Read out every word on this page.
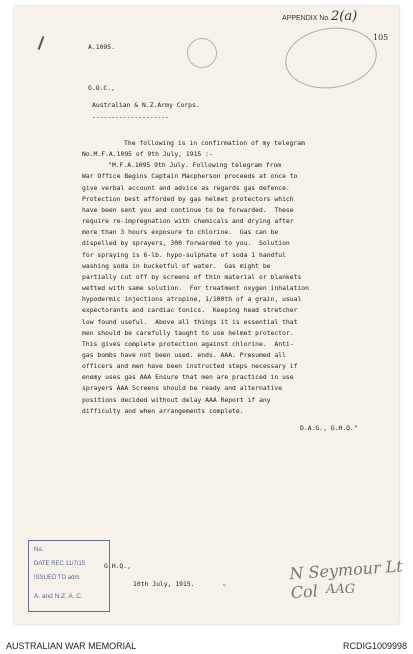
A.1095.
APPENDIX No. 2(a)
105
G.O.C.,
Australian & N.Z.Army Corps.
--------------------
The following is in confirmation of my telegram
No.M.F.A.1095 of 9th July, 1915 :-
"M.F.A.1095 9th July. Following telegram from
War Office Begins Captain Macpherson proceeds at once to
give verbal account and advice as regards gas defence.
Protection best afforded by gas helmet protectors which
have been sent you and continue to be forwarded.  These
require re-impregnation with chemicals and drying after
more than 3 hours exposure to chlorine.  Gas can be
dispelled by sprayers, 300 forwarded to you.  Solution
for spraying is 6-lb. hypo-sulphate of soda 1 handful
washing soda in bucketful of water.  Gas might be
partially cut off by screens of thin material or blankets
wetted with same solution.  For treatment oxygen inhalation
hypodermic injections atropine, 1/100th of a grain, usual
expectorants and cardiac tonics.  Keeping head stretcher
low found useful.  Above all things it is essential that
men should be carefully taught to use helmet protector.
This gives complete protection against chlorine.  Anti-
gas bombs have not been used. ends. AAA. Presumed all
officers and men have been instructed steps necessary if
enemy uses gas AAA Ensure that men are practiced in use
sprayers AAA Screens should be ready and alternative
positions decided without delay AAA Report if any
difficulty and when arrangements complete.
D.A.G., G.H.Q."
G.H.Q.,
10th July, 1915.
No.
DATE REC 11/7/15
ISSUED TO adm
A. and N.Z. A. C.
✎
N Seymour Lt Col AAG
AUSTRALIAN WAR MEMORIAL	RCDIG1009998
